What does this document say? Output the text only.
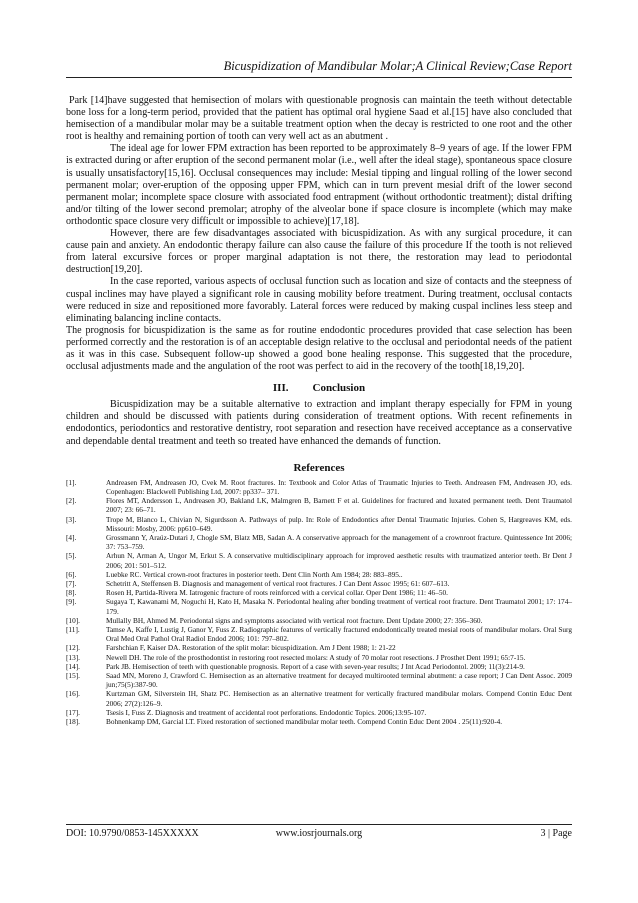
Bicuspidization of Mandibular Molar;A Clinical Review;Case Report

Park [14]have suggested that hemisection of molars with questionable prognosis can maintain the teeth without detectable bone loss for a long-term period, provided that the patient has optimal oral hygiene Saad et al.[15] have also concluded that hemisection of a mandibular molar may be a suitable treatment option when the decay is restricted to one root and the other root is healthy and remaining portion of tooth can very well act as an abutment .

The ideal age for lower FPM extraction has been reported to be approximately 8–9 years of age. If the lower FPM is extracted during or after eruption of the second permanent molar (i.e., well after the ideal stage), spontaneous space closure is usually unsatisfactory[15,16]. Occlusal consequences may include: Mesial tipping and lingual rolling of the lower second permanent molar; over-eruption of the opposing upper FPM, which can in turn prevent mesial drift of the lower second permanent molar; incomplete space closure with associated food entrapment (without orthodontic treatment); distal drifting and/or tilting of the lower second premolar; atrophy of the alveolar bone if space closure is incomplete (which may make orthodontic space closure very difficult or impossible to achieve)[17,18].

However, there are few disadvantages associated with bicuspidization. As with any surgical procedure, it can cause pain and anxiety. An endodontic therapy failure can also cause the failure of this procedure If the tooth is not relieved from lateral excursive forces or proper marginal adaptation is not there, the restoration may lead to periodontal destruction[19,20].

In the case reported, various aspects of occlusal function such as location and size of contacts and the steepness of cuspal inclines may have played a significant role in causing mobility before treatment. During treatment, occlusal contacts were reduced in size and repositioned more favorably. Lateral forces were reduced by making cuspal inclines less steep and eliminating balancing incline contacts.

The prognosis for bicuspidization is the same as for routine endodontic procedures provided that case selection has been performed correctly and the restoration is of an acceptable design relative to the occlusal and periodontal needs of the patient as it was in this case. Subsequent follow-up showed a good bone healing response. This suggested that the procedure, occlusal adjustments made and the angulation of the root was perfect to aid in the recovery of the tooth[18,19,20].

III. Conclusion

Bicuspidization may be a suitable alternative to extraction and implant therapy especially for FPM in young children and should be discussed with patients during consideration of treatment options. With recent refinements in endodontics, periodontics and restorative dentistry, root separation and resection have received acceptance as a conservative and dependable dental treatment and teeth so treated have enhanced the demands of function.

References
[1].	Andreasen FM, Andreasen JO, Cvek M. Root fractures. In: Textbook and Color Atlas of Traumatic Injuries to Teeth. Andreasen FM, Andreasen JO, eds. Copenhagen: Blackwell Publishing Ltd, 2007: pp337– 371.
[2].	Flores MT, Andersson L, Andreasen JO, Bakland LK, Malmgren B, Barnett F et al. Guidelines for fractured and luxated permanent teeth. Dent Traumatol 2007; 23: 66–71.
[3].	Trope M, Blanco L, Chivian N, Sigurdsson A. Pathways of pulp. In: Role of Endodontics after Dental Traumatic Injuries. Cohen S, Hargreaves KM, eds. Missouri: Mosby, 2006: pp610–649.
[4].	Grossmann Y, Araúz-Dutari J, Chogle SM, Blatz MB, Sadan A. A conservative approach for the management of a crownroot fracture. Quintessence Int 2006; 37: 753–759.
[5].	Arhun N, Arman A, Ungor M, Erkut S. A conservative multidisciplinary approach for improved aesthetic results with traumatized anterior teeth. Br Dent J 2006; 201: 501–512.
[6].	Luebke RC. Vertical crown-root fractures in posterior teeth. Dent Clin North Am 1984; 28: 883–895..
[7].	Schetritt A, Steffensen B. Diagnosis and management of vertical root fractures. J Can Dent Assoc 1995; 61: 607–613.
[8].	Rosen H, Partida-Rivera M. Iatrogenic fracture of roots reinforced with a cervical collar. Oper Dent 1986; 11: 46–50.
[9].	Sugaya T, Kawanami M, Noguchi H, Kato H, Masaka N. Periodontal healing after bonding treatment of vertical root fracture. Dent Traumatol 2001; 17: 174–179.
[10].	Mullally BH, Ahmed M. Periodontal signs and symptoms associated with vertical root fracture. Dent Update 2000; 27: 356–360.
[11].	Tamse A, Kaffe I, Lustig J, Ganor Y, Fuss Z. Radiographic features of vertically fractured endodontically treated mesial roots of mandibular molars. Oral Surg Oral Med Oral Pathol Oral Radiol Endod 2006; 101: 797–802.
[12].	Farshchian F, Kaiser DA. Restoration of the split molar: bicuspidization. Am J Dent 1988; 1: 21-22
[13].	Newell DH. The role of the prosthodontist in restoring root resected molars: A study of 70 molar root resections. J Prosthet Dent 1991; 65:7-15.
[14].	Park JB. Hemisection of teeth with questionable prognosis. Report of a case with seven-year results; J Int Acad Periodontol. 2009; 11(3):214-9.
[15].	Saad MN, Moreno J, Crawford C. Hemisection as an alternative treatment for decayed multirooted terminal abutment: a case report; J Can Dent Assoc. 2009 jun;75(5):387-90.
[16].	Kurtzman GM, Silverstein IH, Shatz PC. Hemisection as an alternative treatment for vertically fractured mandibular molars. Compend Contin Educ Dent 2006; 27(2):126–9.
[17].	Tsesis I, Fuss Z. Diagnosis and treatment of accidental root perforations. Endodontic Topics. 2006;13:95-107.
[18].	Bohnenkamp DM, Garcial LT. Fixed restoration of sectioned mandibular molar teeth. Compend Contin Educ Dent 2004 . 25(11):920-4.
DOI: 10.9790/0853-145XXXXX	www.iosrjournals.org	3 | Page
